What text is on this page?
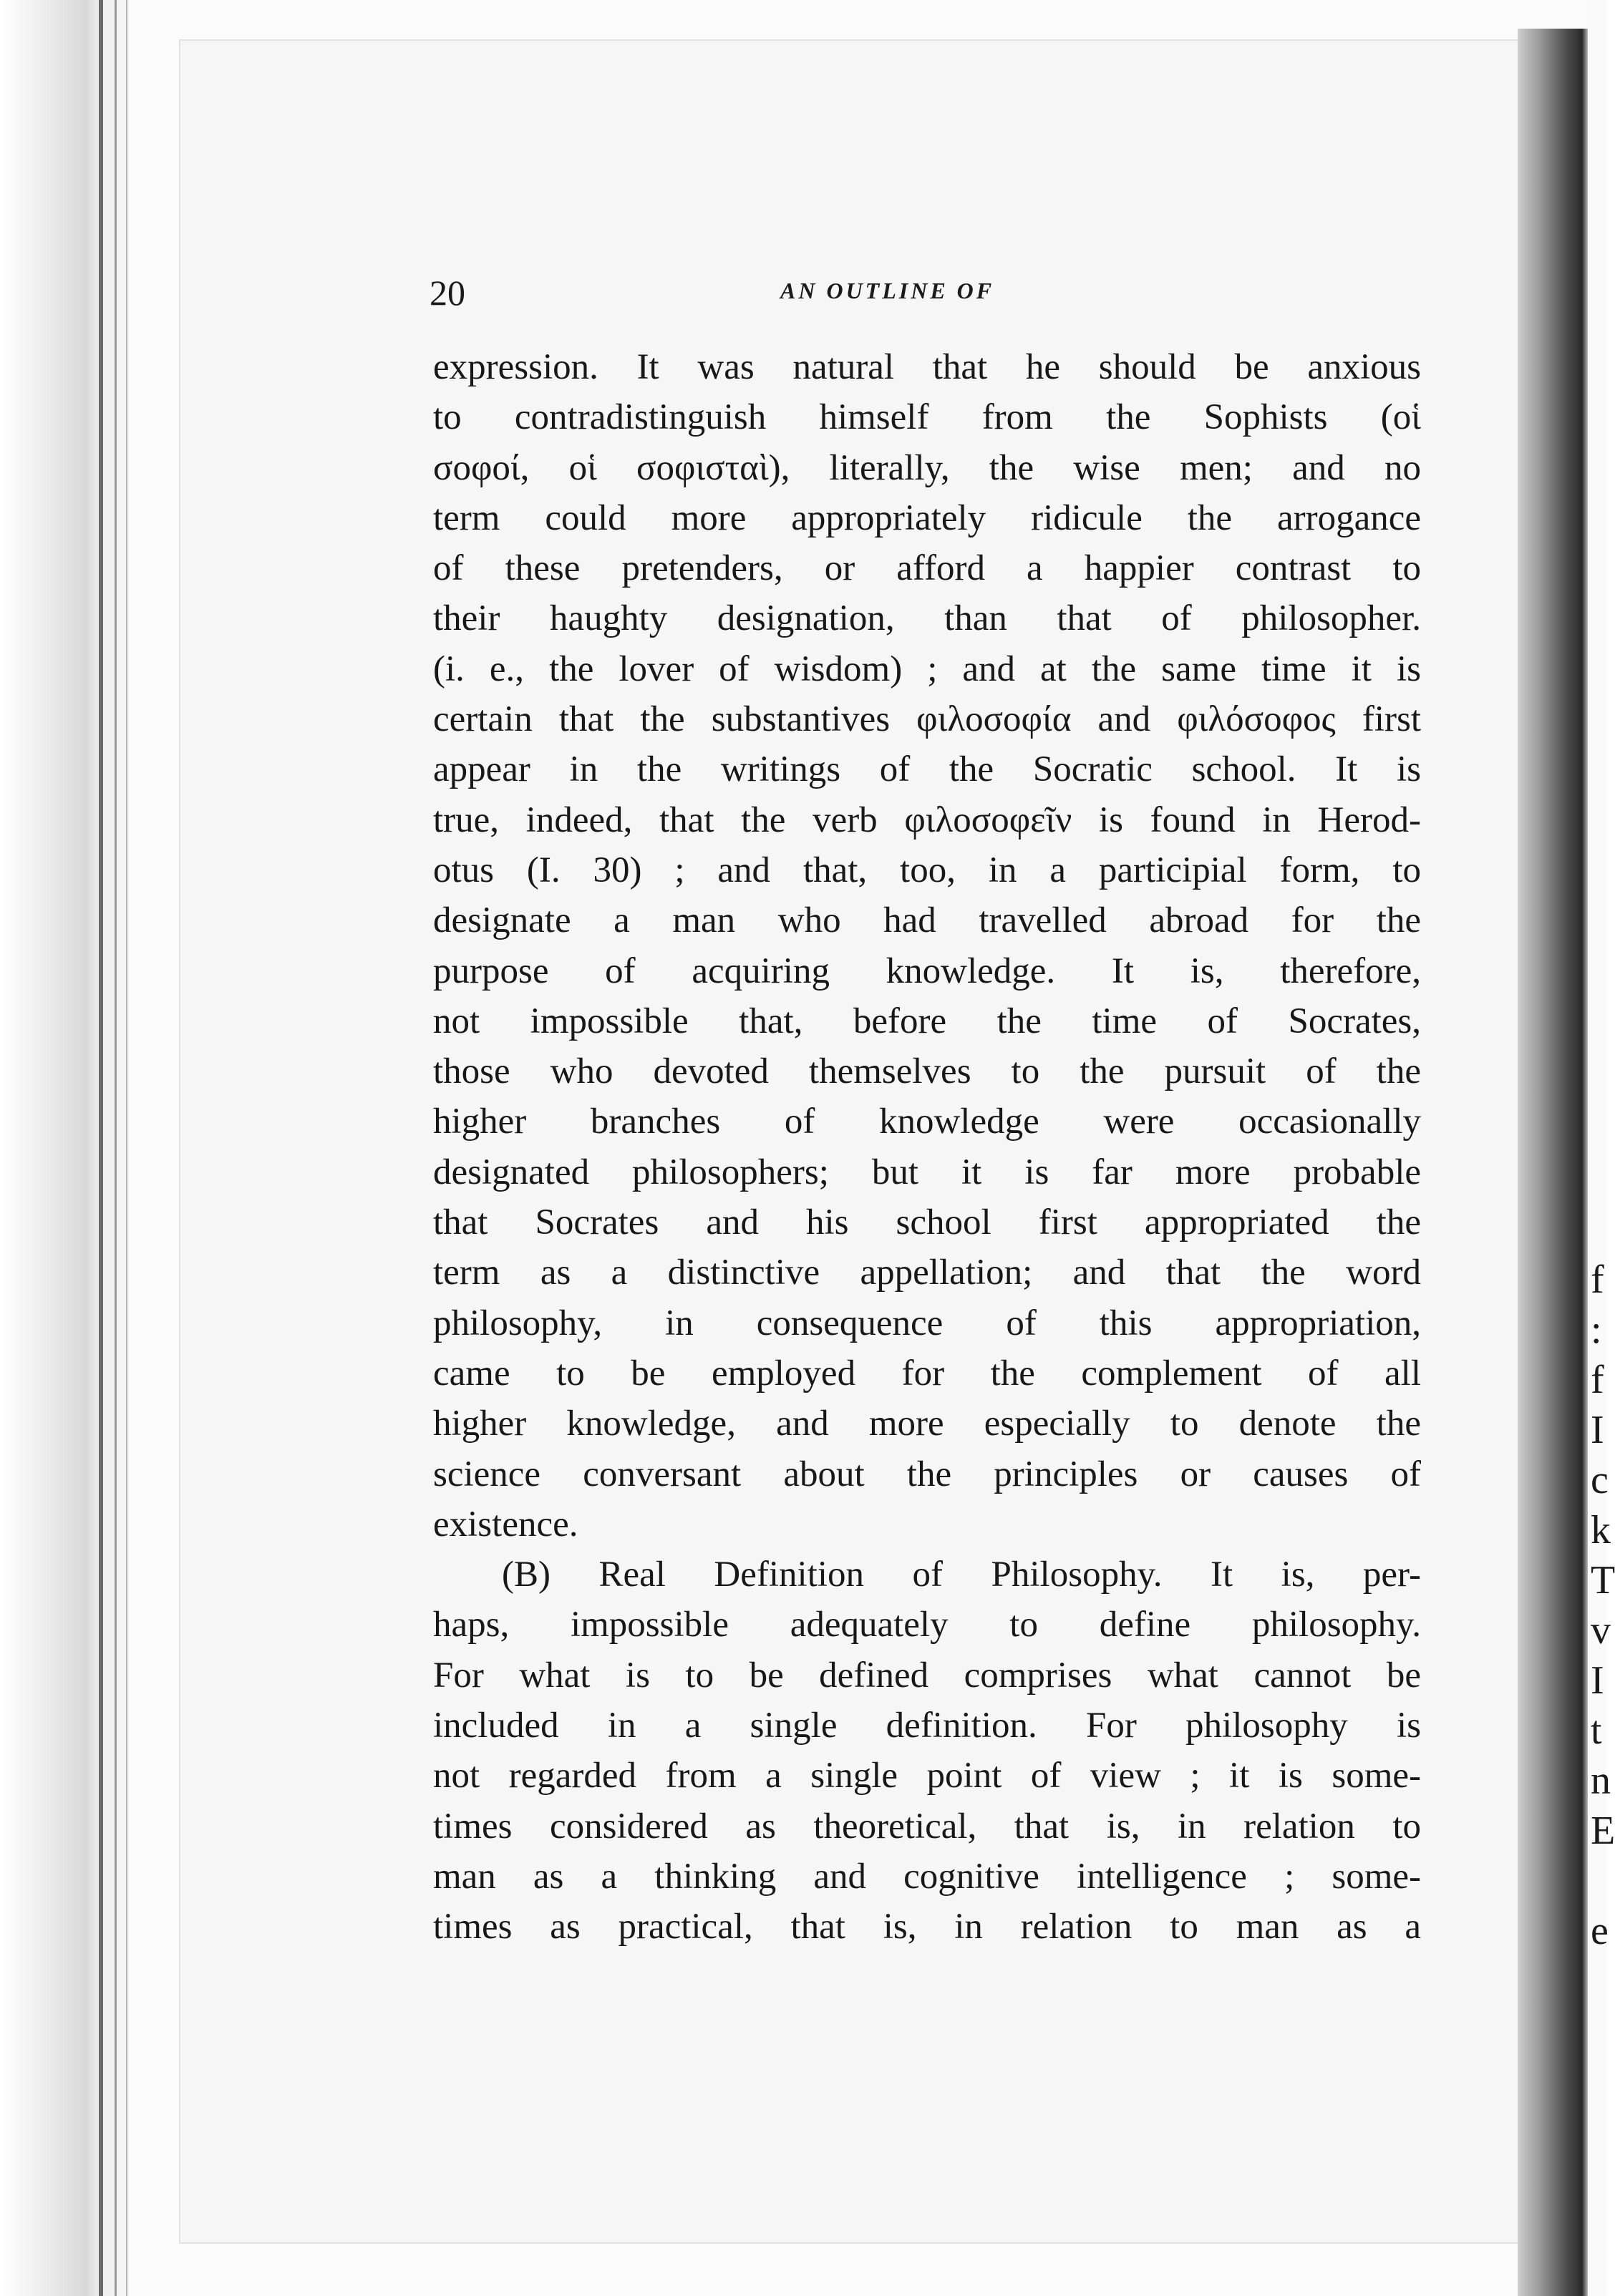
f
:
f
I
c
k
T
v
I
t
n
E
e
20	AN OUTLINE OF
expression. It was natural that he should be anxious
to contradistinguish himself from the Sophists (οἱ
σοφοί, οἱ σοφισταὶ), literally, the wise men; and no
term could more appropriately ridicule the arrogance
of these pretenders, or afford a happier contrast to
their haughty designation, than that of philosopher.
(i. e., the lover of wisdom) ; and at the same time it is
certain that the substantives φιλοσοφία and φιλόσοφος first
appear in the writings of the Socratic school. It is
true, indeed, that the verb φιλοσοφεῖν is found in Herod-
otus (I. 30) ; and that, too, in a participial form, to
designate a man who had travelled abroad for the
purpose of acquiring knowledge. It is, therefore,
not impossible that, before the time of Socrates,
those who devoted themselves to the pursuit of the
higher branches of knowledge were occasionally
designated philosophers; but it is far more probable
that Socrates and his school first appropriated the
term as a distinctive appellation; and that the word
philosophy, in consequence of this appropriation,
came to be employed for the complement of all
higher knowledge, and more especially to denote the
science conversant about the principles or causes of
existence.
(B) Real Definition of Philosophy. It is, per-
haps, impossible adequately to define philosophy.
For what is to be defined comprises what cannot be
included in a single definition. For philosophy is
not regarded from a single point of view ; it is some-
times considered as theoretical, that is, in relation to
man as a thinking and cognitive intelligence ; some-
times as practical, that is, in relation to man as a
